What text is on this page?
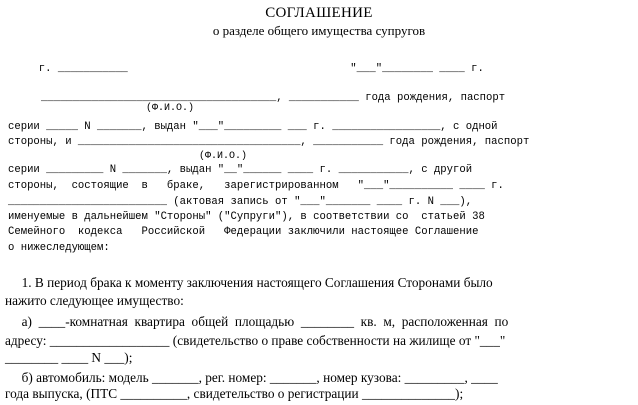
СОГЛАШЕНИЕ
о разделе общего имущества супругов
г. ___________                                   "___"________ ____ г.
(Ф.И.О.)
_____________________________________, ___________ года рождения, паспорт
серии _____ N _______, выдан "___"_________ ___ г. _________________, с одной
стороны, и ___________________________________, ___________ года рождения, паспорт
(Ф.И.О.)
серии _________ N _______, выдан "__"______ ____ г. ___________, с другой
стороны,  состоящие  в   браке,   зарегистрированном   "___"__________ ____ г.
_________________________ (актовая запись от "___"_______ ____ г. N ___),
именуемые в дальнейшем "Стороны" ("Супруги"), в соответствии со  статьей 38
Семейного  кодекса   Российской   Федерации заключили настоящее Соглашение
о нижеследующем:
1. В период брака к моменту заключения настоящего Соглашения Сторонами было
нажито следующее имущество:
а)  ____-комнатная  квартира  общей  площадью  ________  кв.  м,  расположенная  по
адресу: __________________ (свидетельство о праве собственности на жилище от "___"
________ ____ N ___);
б) автомобиль: модель _______, рег. номер: _______, номер кузова: _________, ____
года выпуска, (ПТС __________, свидетельство о регистрации ______________);
